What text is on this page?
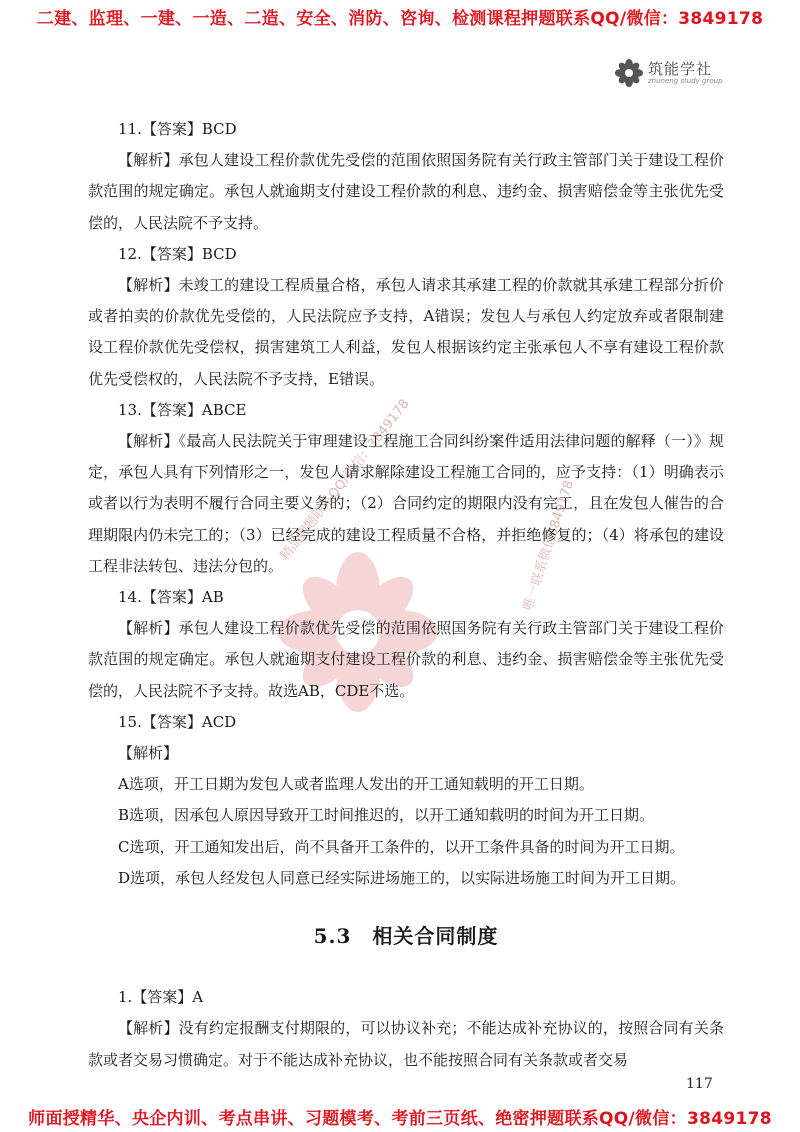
二建、监理、一建、一造、二造、安全、消防、咨询、检测课程押题联系QQ/微信：3849178
筑能学社
zhuneng study group
精品押题联系QQ/微信：3849178	唯一联系微信3849178

11.【答案】BCD

【解析】承包人建设工程价款优先受偿的范围依照国务院有关行政主管部门关于建设工程价款范围的规定确定。承包人就逾期支付建设工程价款的利息、违约金、损害赔偿金等主张优先受偿的，人民法院不予支持。

12.【答案】BCD

【解析】未竣工的建设工程质量合格，承包人请求其承建工程的价款就其承建工程部分折价或者拍卖的价款优先受偿的，人民法院应予支持，A错误；发包人与承包人约定放弃或者限制建设工程价款优先受偿权，损害建筑工人利益，发包人根据该约定主张承包人不享有建设工程价款优先受偿权的，人民法院不予支持，E错误。

13.【答案】ABCE

【解析】《最高人民法院关于审理建设工程施工合同纠纷案件适用法律问题的解释（一）》规定，承包人具有下列情形之一，发包人请求解除建设工程施工合同的，应予支持：（1）明确表示或者以行为表明不履行合同主要义务的；（2）合同约定的期限内没有完工，且在发包人催告的合理期限内仍未完工的；（3）已经完成的建设工程质量不合格，并拒绝修复的；（4）将承包的建设工程非法转包、违法分包的。

14.【答案】AB

【解析】承包人建设工程价款优先受偿的范围依照国务院有关行政主管部门关于建设工程价款范围的规定确定。承包人就逾期支付建设工程价款的利息、违约金、损害赔偿金等主张优先受偿的，人民法院不予支持。故选AB，CDE不选。

15.【答案】ACD

【解析】

A选项，开工日期为发包人或者监理人发出的开工通知载明的开工日期。

B选项，因承包人原因导致开工时间推迟的，以开工通知载明的时间为开工日期。

C选项，开工通知发出后，尚不具备开工条件的，以开工条件具备的时间为开工日期。

D选项，承包人经发包人同意已经实际进场施工的，以实际进场施工时间为开工日期。

5.3　相关合同制度

1.【答案】A

【解析】没有约定报酬支付期限的，可以协议补充；不能达成补充协议的，按照合同有关条款或者交易习惯确定。对于不能达成补充协议，也不能按照合同有关条款或者交易

117
师面授精华、央企内训、考点串讲、习题模考、考前三页纸、绝密押题联系QQ/微信：3849178
